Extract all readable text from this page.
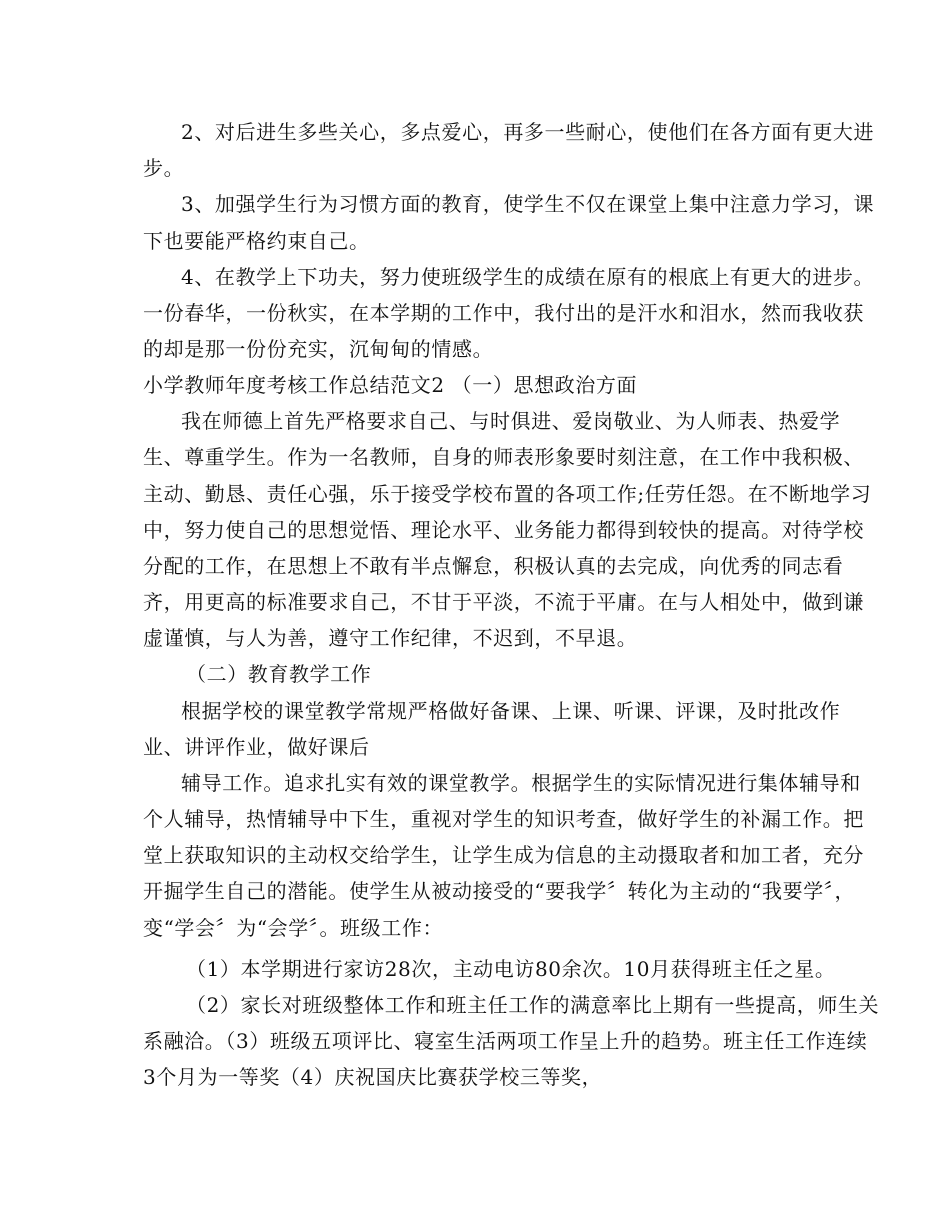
2、对后进生多些关心，多点爱心，再多一些耐心，使他们在各方面有更大进
步。
3、加强学生行为习惯方面的教育，使学生不仅在课堂上集中注意力学习，课
下也要能严格约束自己。
4、在教学上下功夫，努力使班级学生的成绩在原有的根底上有更大的进步。
一份春华，一份秋实，在本学期的工作中，我付出的是汗水和泪水，然而我收获
的却是那一份份充实，沉甸甸的情感。
小学教师年度考核工作总结范文2 （一）思想政治方面
我在师德上首先严格要求自己、与时俱进、爱岗敬业、为人师表、热爱学
生、尊重学生。作为一名教师，自身的师表形象要时刻注意，在工作中我积极、
主动、勤恳、责任心强，乐于接受学校布置的各项工作;任劳任怨。在不断地学习
中，努力使自己的思想觉悟、理论水平、业务能力都得到较快的提高。对待学校
分配的工作，在思想上不敢有半点懈怠，积极认真的去完成，向优秀的同志看
齐，用更高的标准要求自己，不甘于平淡，不流于平庸。在与人相处中，做到谦
虚谨慎，与人为善，遵守工作纪律，不迟到，不早退。
（二）教育教学工作
根据学校的课堂教学常规严格做好备课、上课、听课、评课，及时批改作
业、讲评作业，做好课后
辅导工作。追求扎实有效的课堂教学。根据学生的实际情况进行集体辅导和
个人辅导，热情辅导中下生，重视对学生的知识考查，做好学生的补漏工作。把
堂上获取知识的主动权交给学生，让学生成为信息的主动摄取者和加工者，充分
开掘学生自己的潜能。使学生从被动接受的“要我学〞转化为主动的“我要学〞，
变“学会〞为“会学〞。班级工作：
（1）本学期进行家访28次，主动电访80余次。10月获得班主任之星。
（2）家长对班级整体工作和班主任工作的满意率比上期有一些提高，师生关
系融洽。（3）班级五项评比、寝室生活两项工作呈上升的趋势。班主任工作连续
3个月为一等奖（4）庆祝国庆比赛获学校三等奖，
